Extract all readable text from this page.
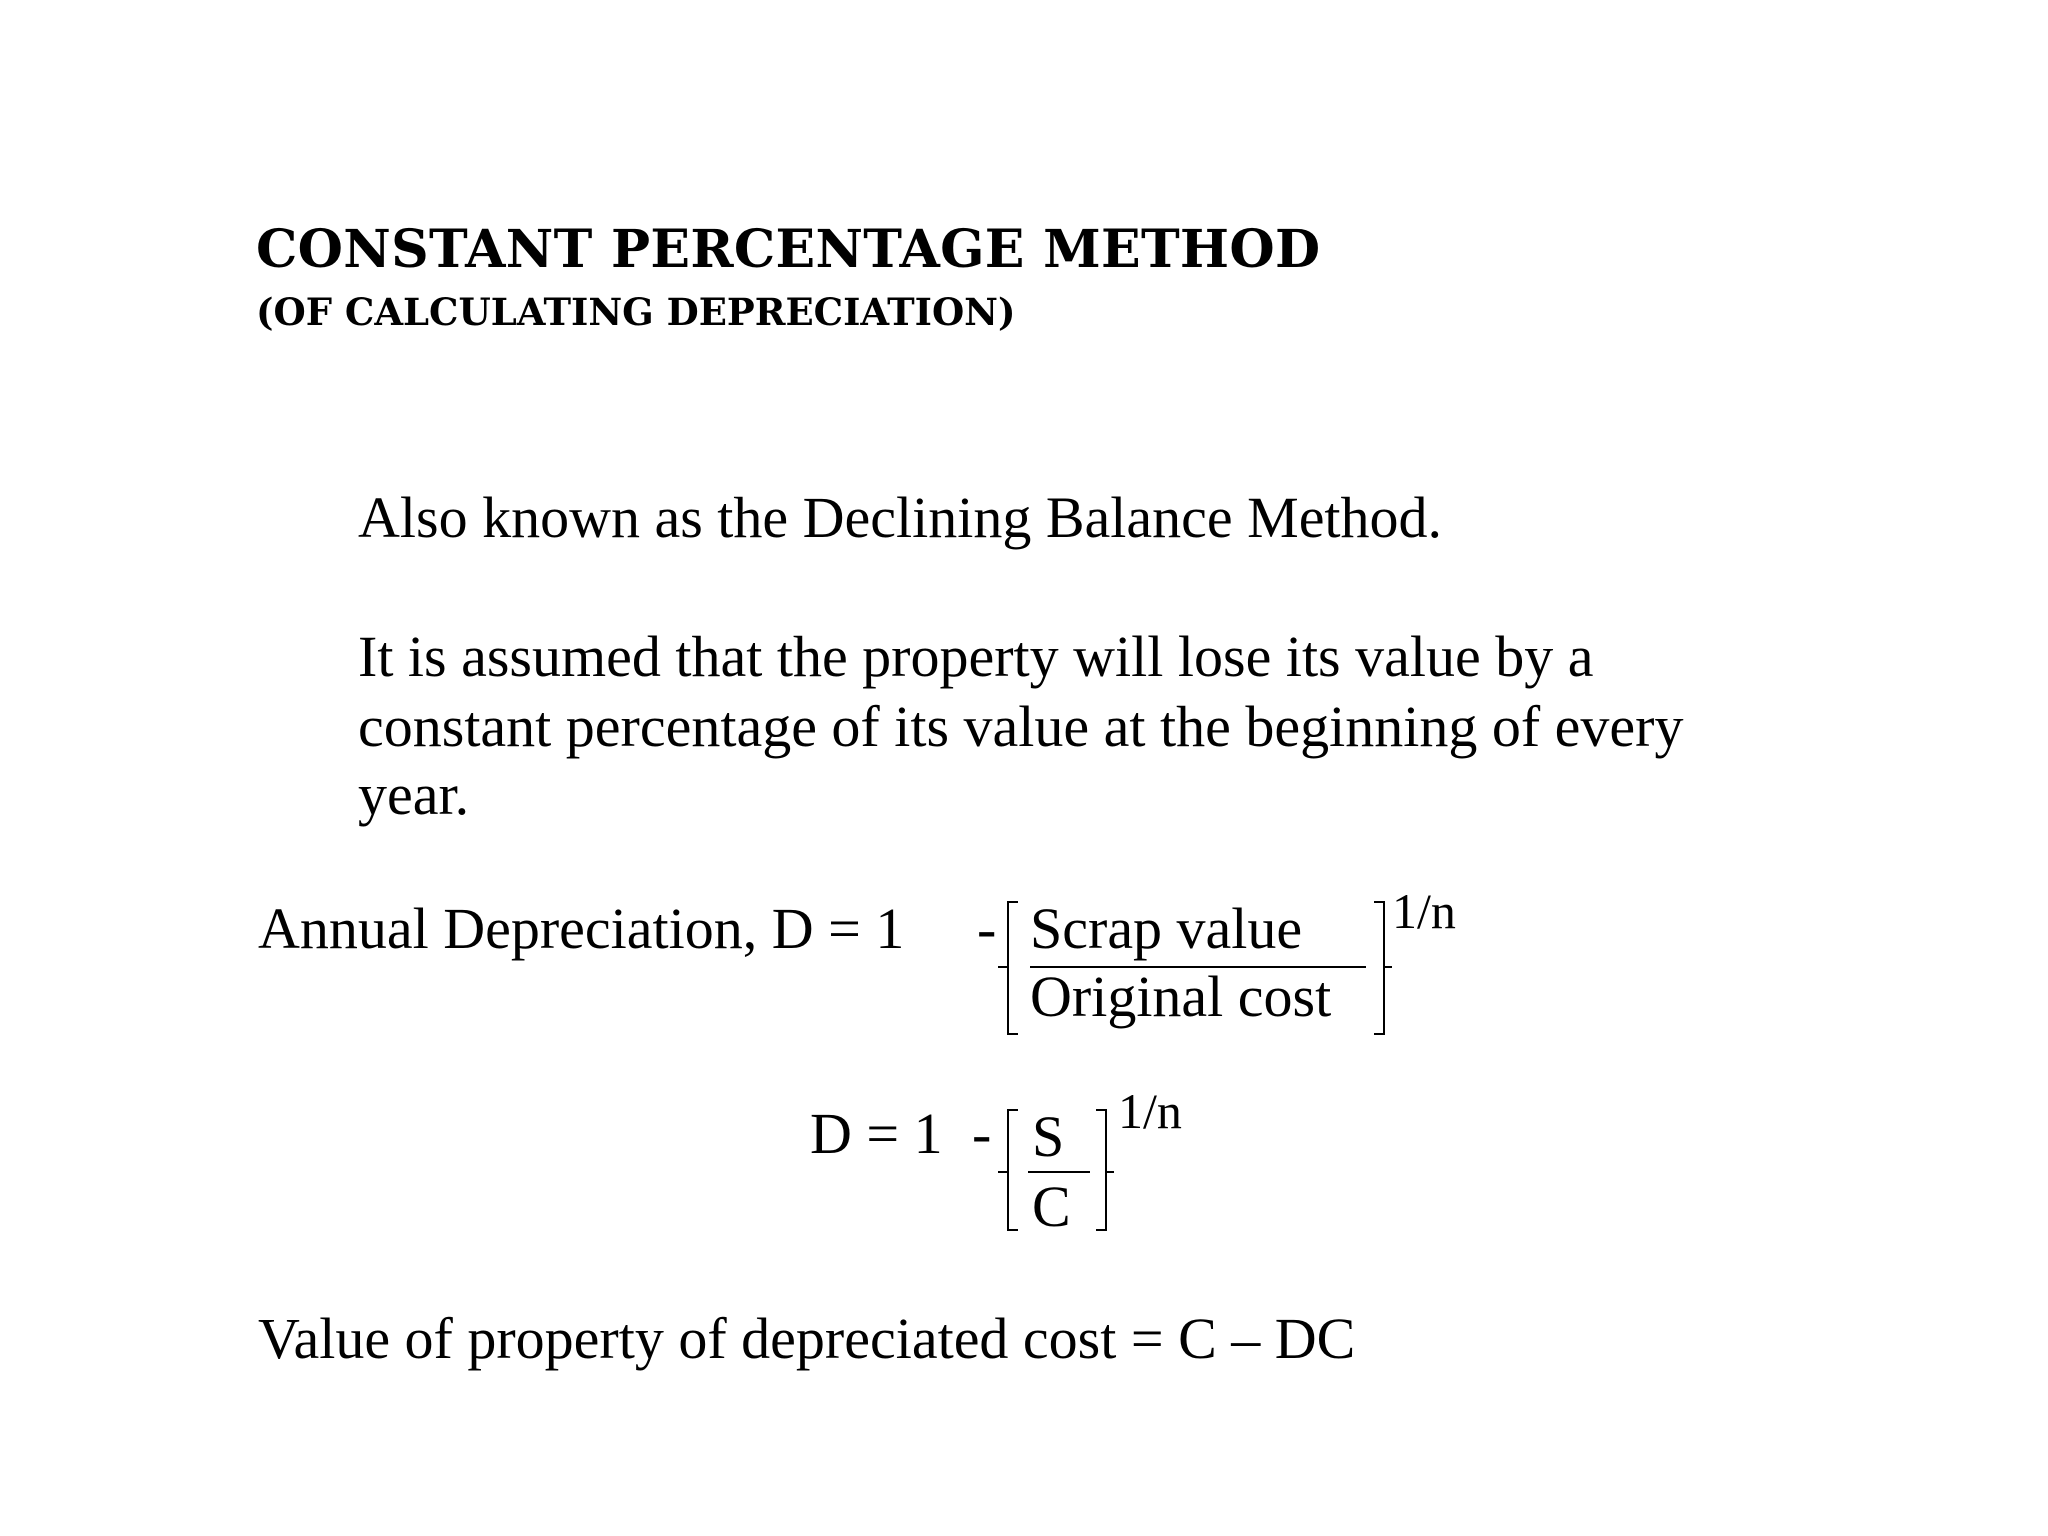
CONSTANT PERCENTAGE METHOD
(OF CALCULATING DEPRECIATION)
Also known as the Declining Balance Method.
It is assumed that the property will lose its value by a
constant percentage of its value at the beginning of every
year.
Annual Depreciation, D = 1 - Scrap value
Original cost
1/n
D = 1 - S
C
1/n
Value of property of depreciated cost = C – DC
